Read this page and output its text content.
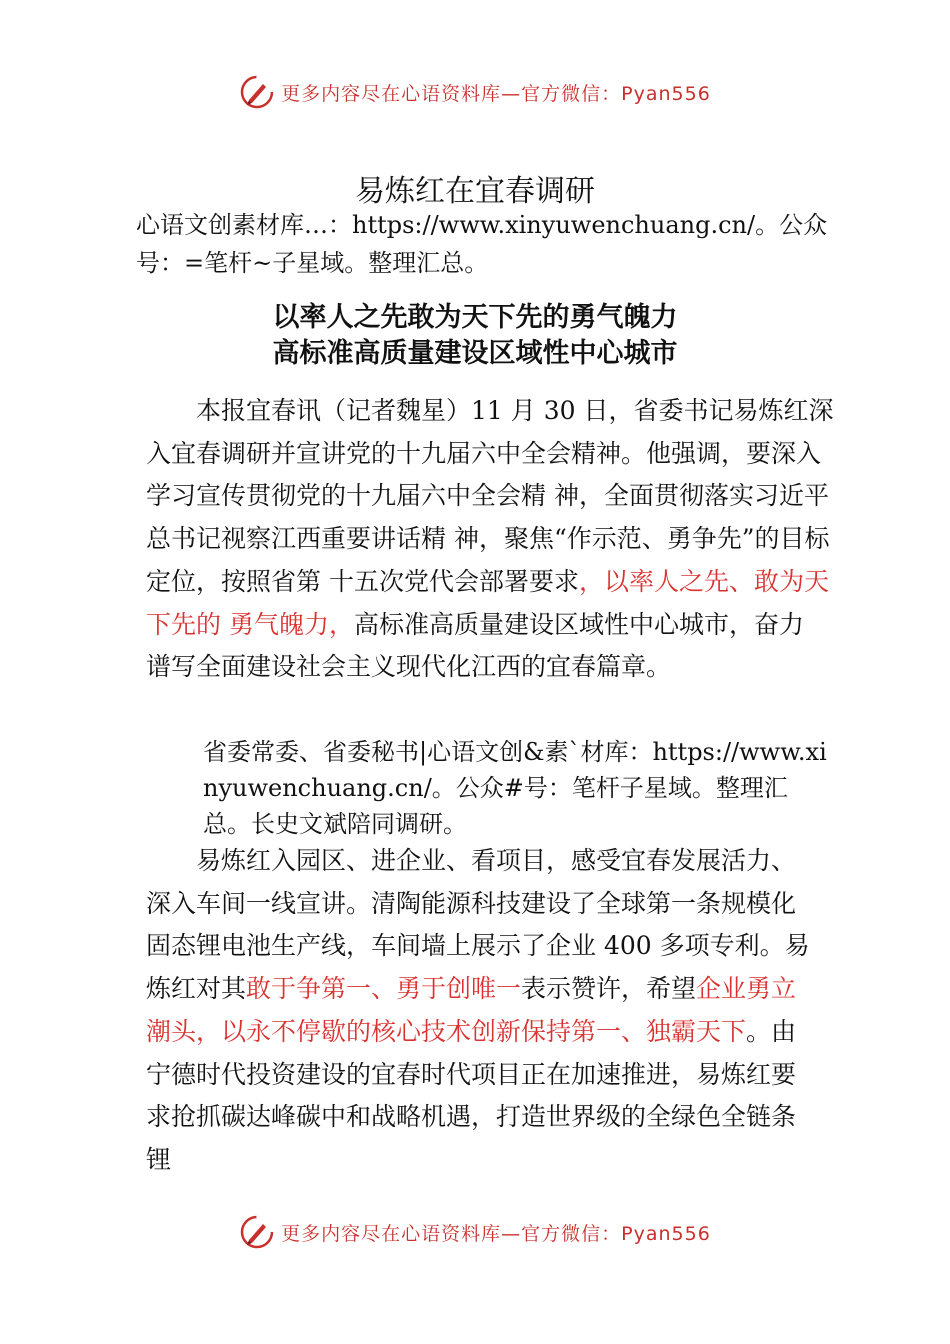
更多内容尽在心语资料库—官方微信：Pyan556
易炼红在宜春调研
心语文创素材库…：https://www.xinyuwenchuang.cn/。公众号：=笔杆~子星域。整理汇总。
以率人之先敢为天下先的勇气魄力
高标准高质量建设区域性中心城市

本报宜春讯（记者魏星）11 月 30 日，省委书记易炼红深入宜春调研并宣讲党的十九届六中全会精神。他强调，要深入学习宣传贯彻党的十九届六中全会精 神，全面贯彻落实习近平总书记视察江西重要讲话精 神，聚焦“作示范、勇争先”的目标定位，按照省第 十五次党代会部署要求，以率人之先、敢为天下先的 勇气魄力，高标准高质量建设区域性中心城市，奋力 谱写全面建设社会主义现代化江西的宜春篇章。

省委常委、省委秘书|心语文创&素`材库：https://www.xinyuwenchuang.cn/。公众#号：笔杆子星域。整理汇总。长史文斌陪同调研。

易炼红入园区、进企业、看项目，感受宜春发展活力、深入车间一线宣讲。清陶能源科技建设了全球第一条规模化固态锂电池生产线，车间墙上展示了企业 400 多项专利。易炼红对其敢于争第一、勇于创唯一表示赞许，希望企业勇立潮头，以永不停歇的核心技术创新保持第一、独霸天下。由宁德时代投资建设的宜春时代项目正在加速推进，易炼红要求抢抓碳达峰碳中和战略机遇，打造世界级的全绿色全链条锂

更多内容尽在心语资料库—官方微信：Pyan556
